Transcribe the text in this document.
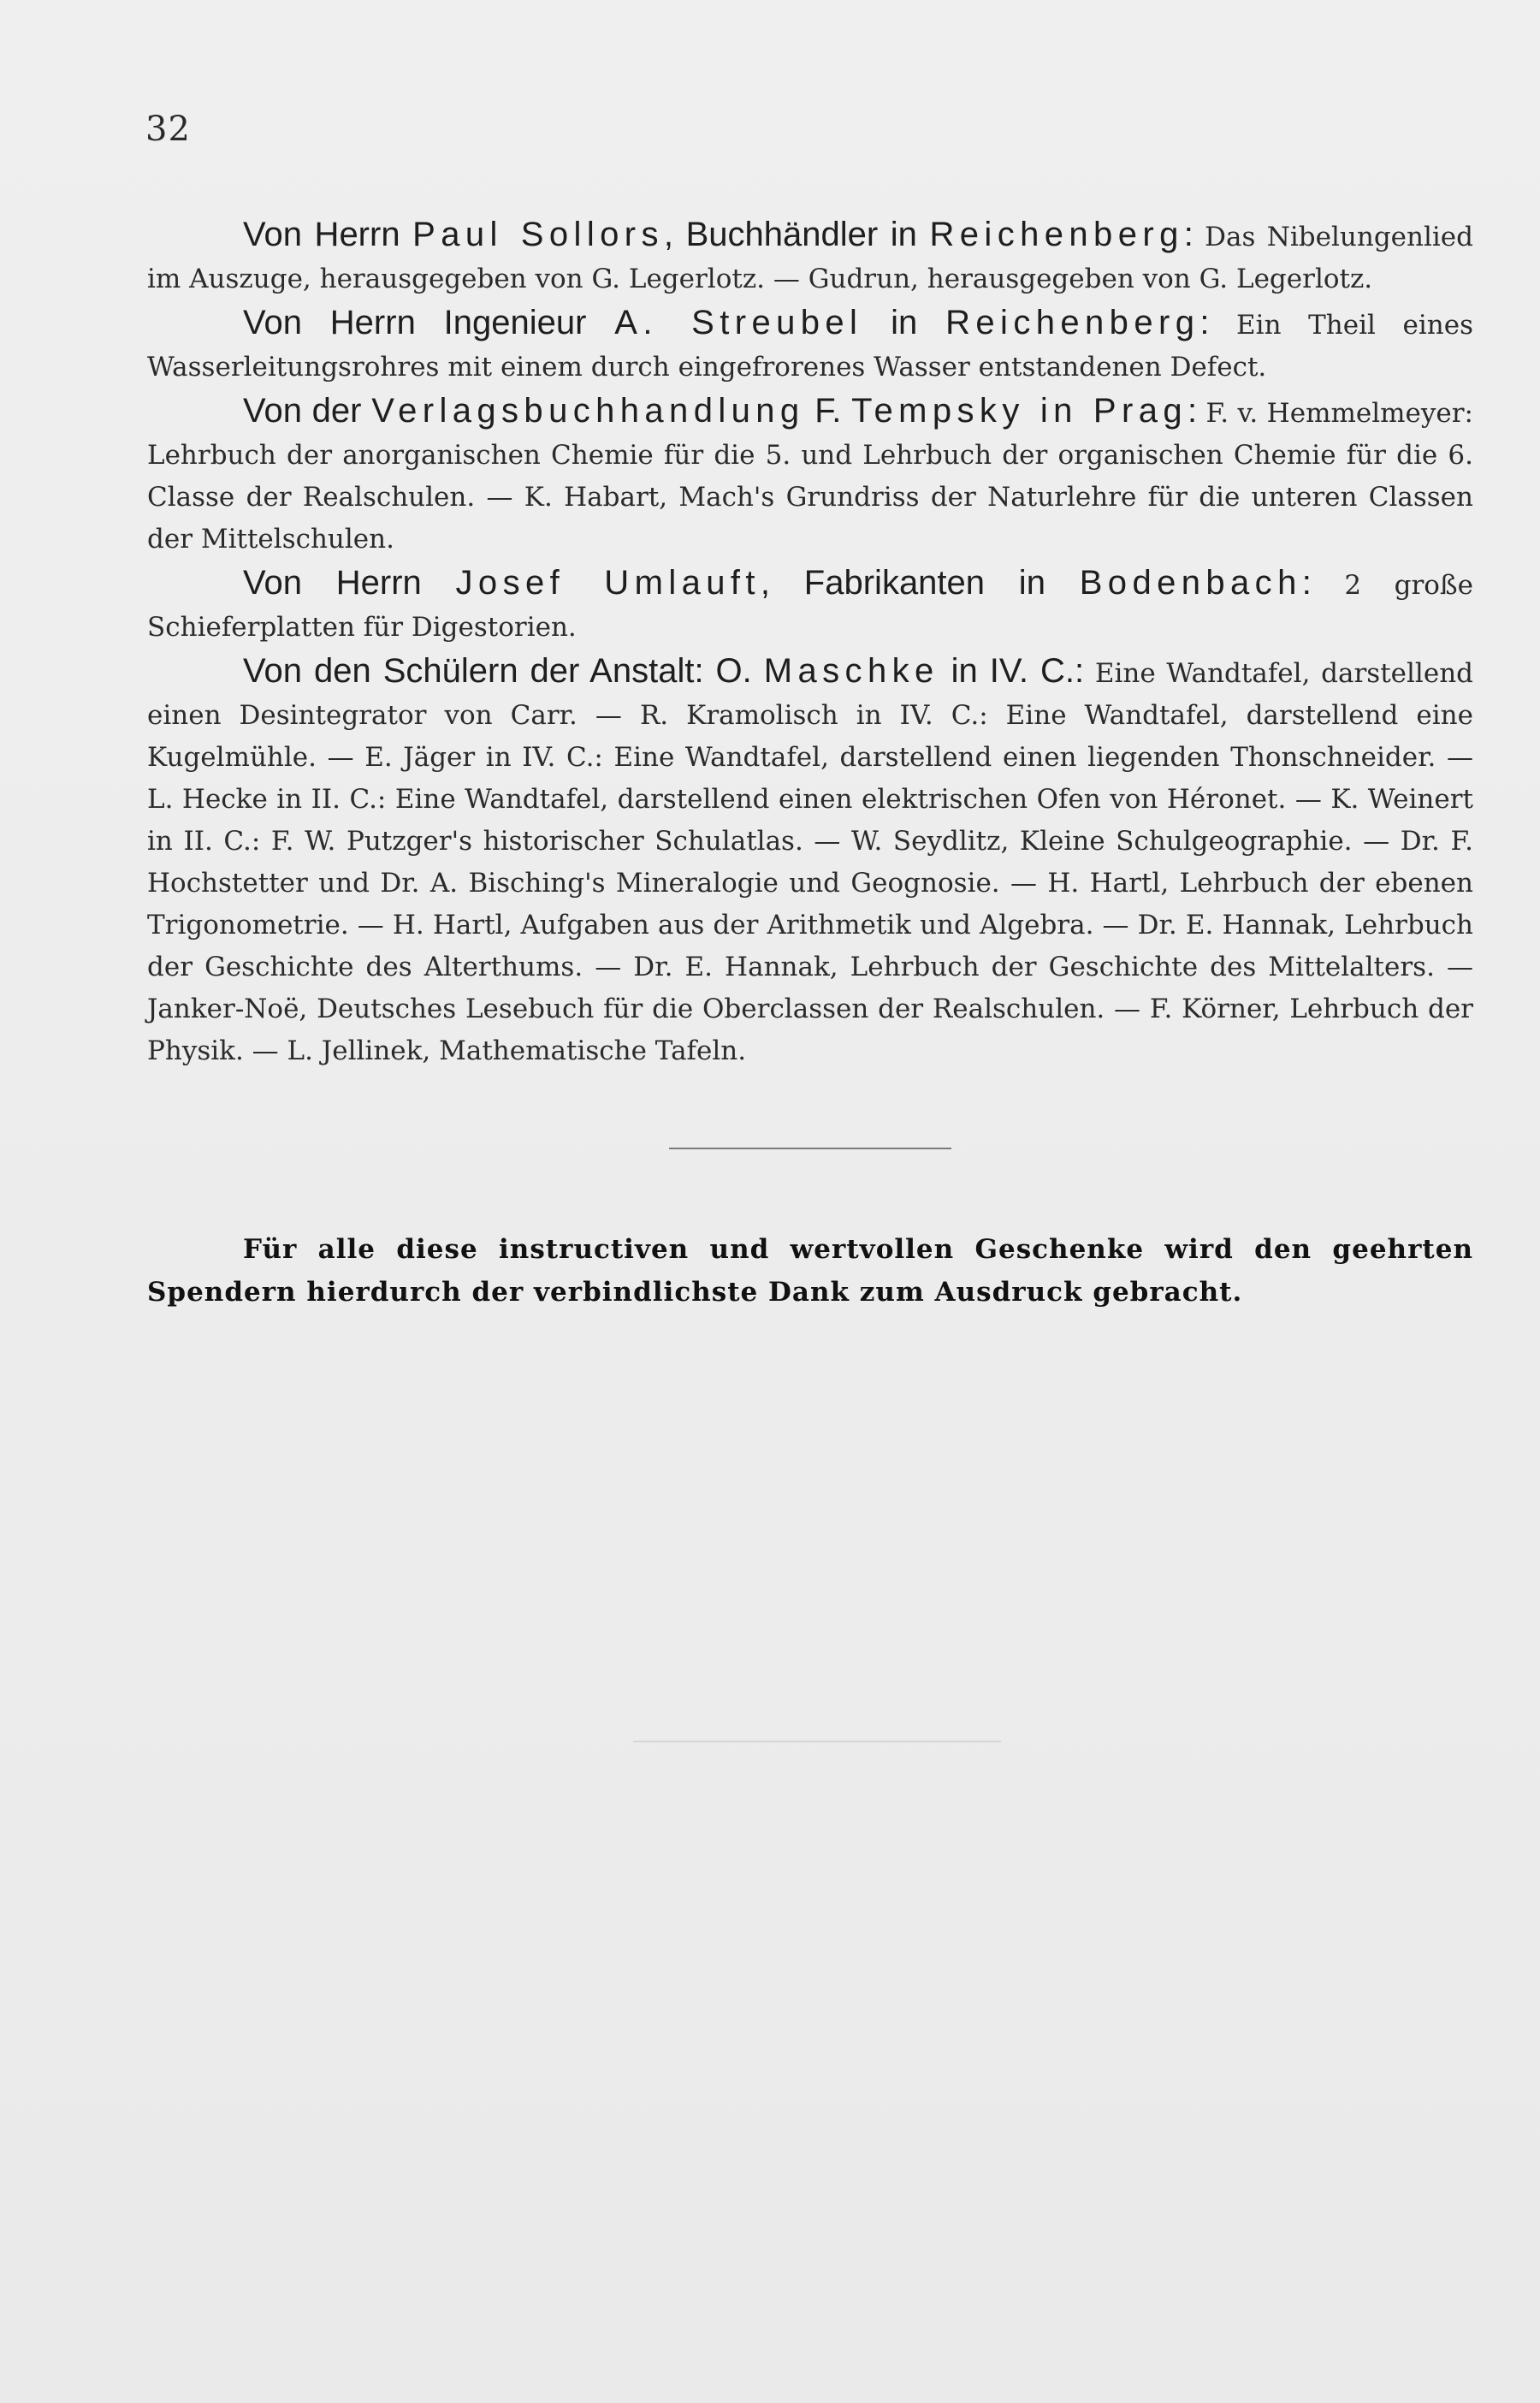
32

Von Herrn Paul Sollors, Buchhändler in Reichenberg: Das Nibelungenlied im Auszuge, herausgegeben von G. Legerlotz. — Gudrun, herausgegeben von G. Legerlotz.

Von Herrn Ingenieur A. Streubel in Reichenberg: Ein Theil eines Wasserleitungsrohres mit einem durch eingefrorenes Wasser entstandenen Defect.

Von der Verlagsbuchhandlung F. Tempsky in Prag: F. v. Hemmelmeyer: Lehrbuch der anorganischen Chemie für die 5. und Lehrbuch der organischen Chemie für die 6. Classe der Realschulen. — K. Habart, Mach's Grundriss der Naturlehre für die unteren Classen der Mittelschulen.

Von Herrn Josef Umlauft, Fabrikanten in Bodenbach: 2 große Schieferplatten für Digestorien.

Von den Schülern der Anstalt: O. Maschke in IV. C.: Eine Wandtafel, darstellend einen Desintegrator von Carr. — R. Kramolisch in IV. C.: Eine Wandtafel, darstellend eine Kugelmühle. — E. Jäger in IV. C.: Eine Wandtafel, darstellend einen liegenden Thonschneider. — L. Hecke in II. C.: Eine Wandtafel, darstellend einen elektrischen Ofen von Héronet. — K. Weinert in II. C.: F. W. Putzger's historischer Schulatlas. — W. Seydlitz, Kleine Schulgeographie. — Dr. F. Hochstetter und Dr. A. Bisching's Mineralogie und Geognosie. — H. Hartl, Lehrbuch der ebenen Trigonometrie. — H. Hartl, Aufgaben aus der Arithmetik und Algebra. — Dr. E. Hannak, Lehrbuch der Geschichte des Alterthums. — Dr. E. Hannak, Lehrbuch der Geschichte des Mittelalters. — Janker-Noë, Deutsches Lesebuch für die Oberclassen der Realschulen. — F. Körner, Lehrbuch der Physik. — L. Jellinek, Mathematische Tafeln.

Für alle diese instructiven und wertvollen Geschenke wird den geehrten Spendern hierdurch der verbindlichste Dank zum Ausdruck gebracht.
